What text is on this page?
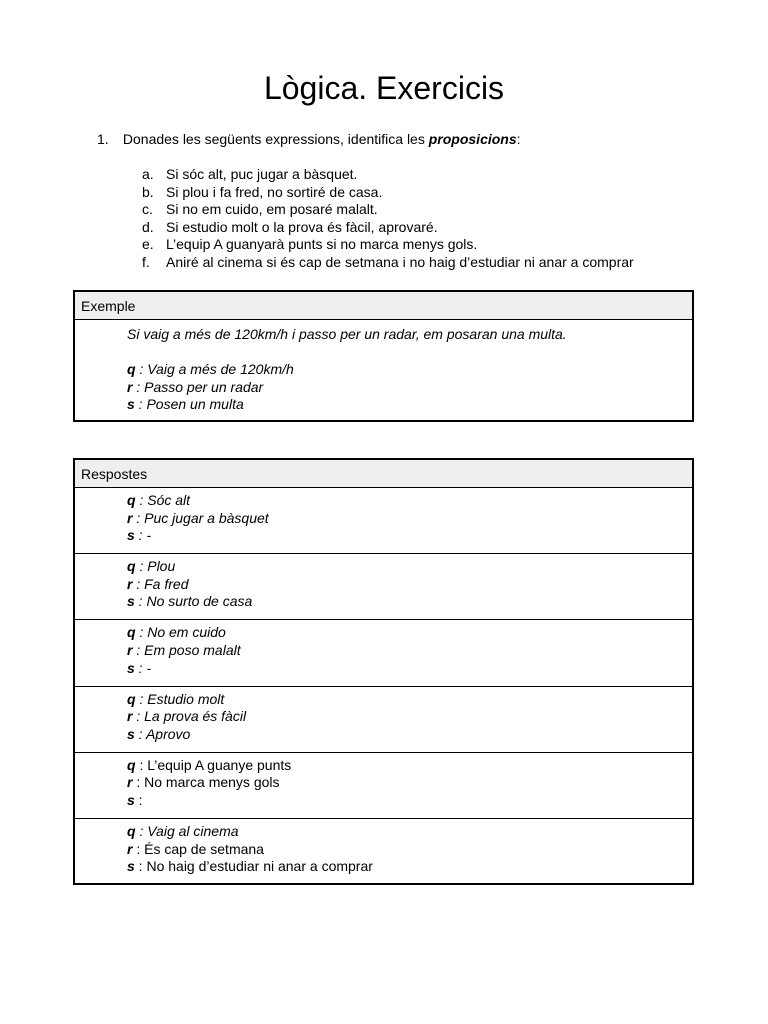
Lògica. Exercicis
1. Donades les següents expressions, identifica les proposicions:
a. Si sóc alt, puc jugar a bàsquet.
b. Si plou i fa fred, no sortiré de casa.
c. Si no em cuido, em posaré malalt.
d. Si estudio molt o la prova és fàcil, aprovaré.
e. L’equip A guanyarà punts si no marca menys gols.
f. Aniré al cinema si és cap de setmana i no haig d’estudiar ni anar a comprar
Exemple
Si vaig a més de 120km/h i passo per un radar, em posaran una multa.
q : Vaig a més de 120km/h
r : Passo per un radar
s : Posen un multa
Respostes
q : Sóc alt
r : Puc jugar a bàsquet
s : -
q : Plou
r : Fa fred
s : No surto de casa
q : No em cuido
r : Em poso malalt
s : -
q : Estudio molt
r : La prova és fàcil
s : Aprovo
q : L’equip A guanye punts
r : No marca menys gols
s :
q : Vaig al cinema
r : És cap de setmana
s : No haig d’estudiar ni anar a comprar
